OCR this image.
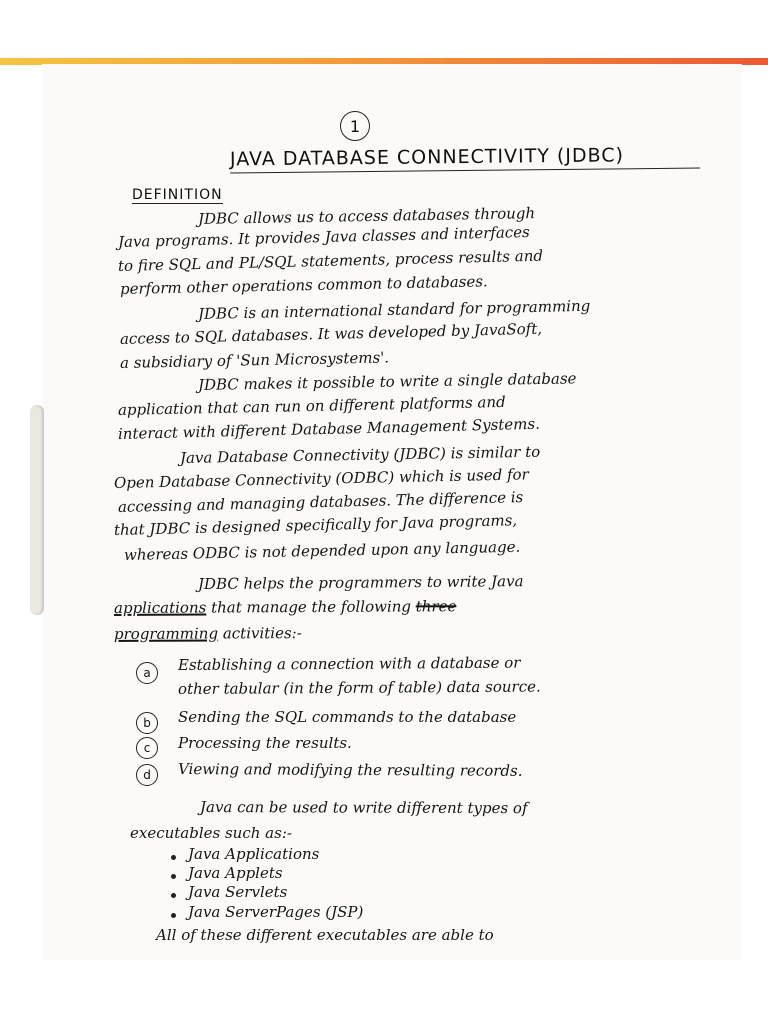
1
JAVA DATABASE CONNECTIVITY (JDBC)
DEFINITION
JDBC allows us to access databases through
Java programs. It provides Java classes and interfaces
to fire SQL and PL/SQL statements, process results and
perform other operations common to databases.
JDBC is an international standard for programming
access to SQL databases. It was developed by JavaSoft,
a subsidiary of 'Sun Microsystems'.
JDBC makes it possible to write a single database
application that can run on different platforms and
interact with different Database Management Systems.
Java Database Connectivity (JDBC) is similar to
Open Database Connectivity (ODBC) which is used for
accessing and managing databases. The difference is
that JDBC is designed specifically for Java programs,
whereas ODBC is not depended upon any language.
JDBC helps the programmers to write Java
applications that manage the following three
programming activities:-
a	Establishing a connection with a database or
other tabular (in the form of table) data source.
b	Sending the SQL commands to the database
c	Processing the results.
d	Viewing and modifying the resulting records.
Java can be used to write different types of
executables such as:-
Java Applications
Java Applets
Java Servlets
Java ServerPages (JSP)
All of these different executables are able to
